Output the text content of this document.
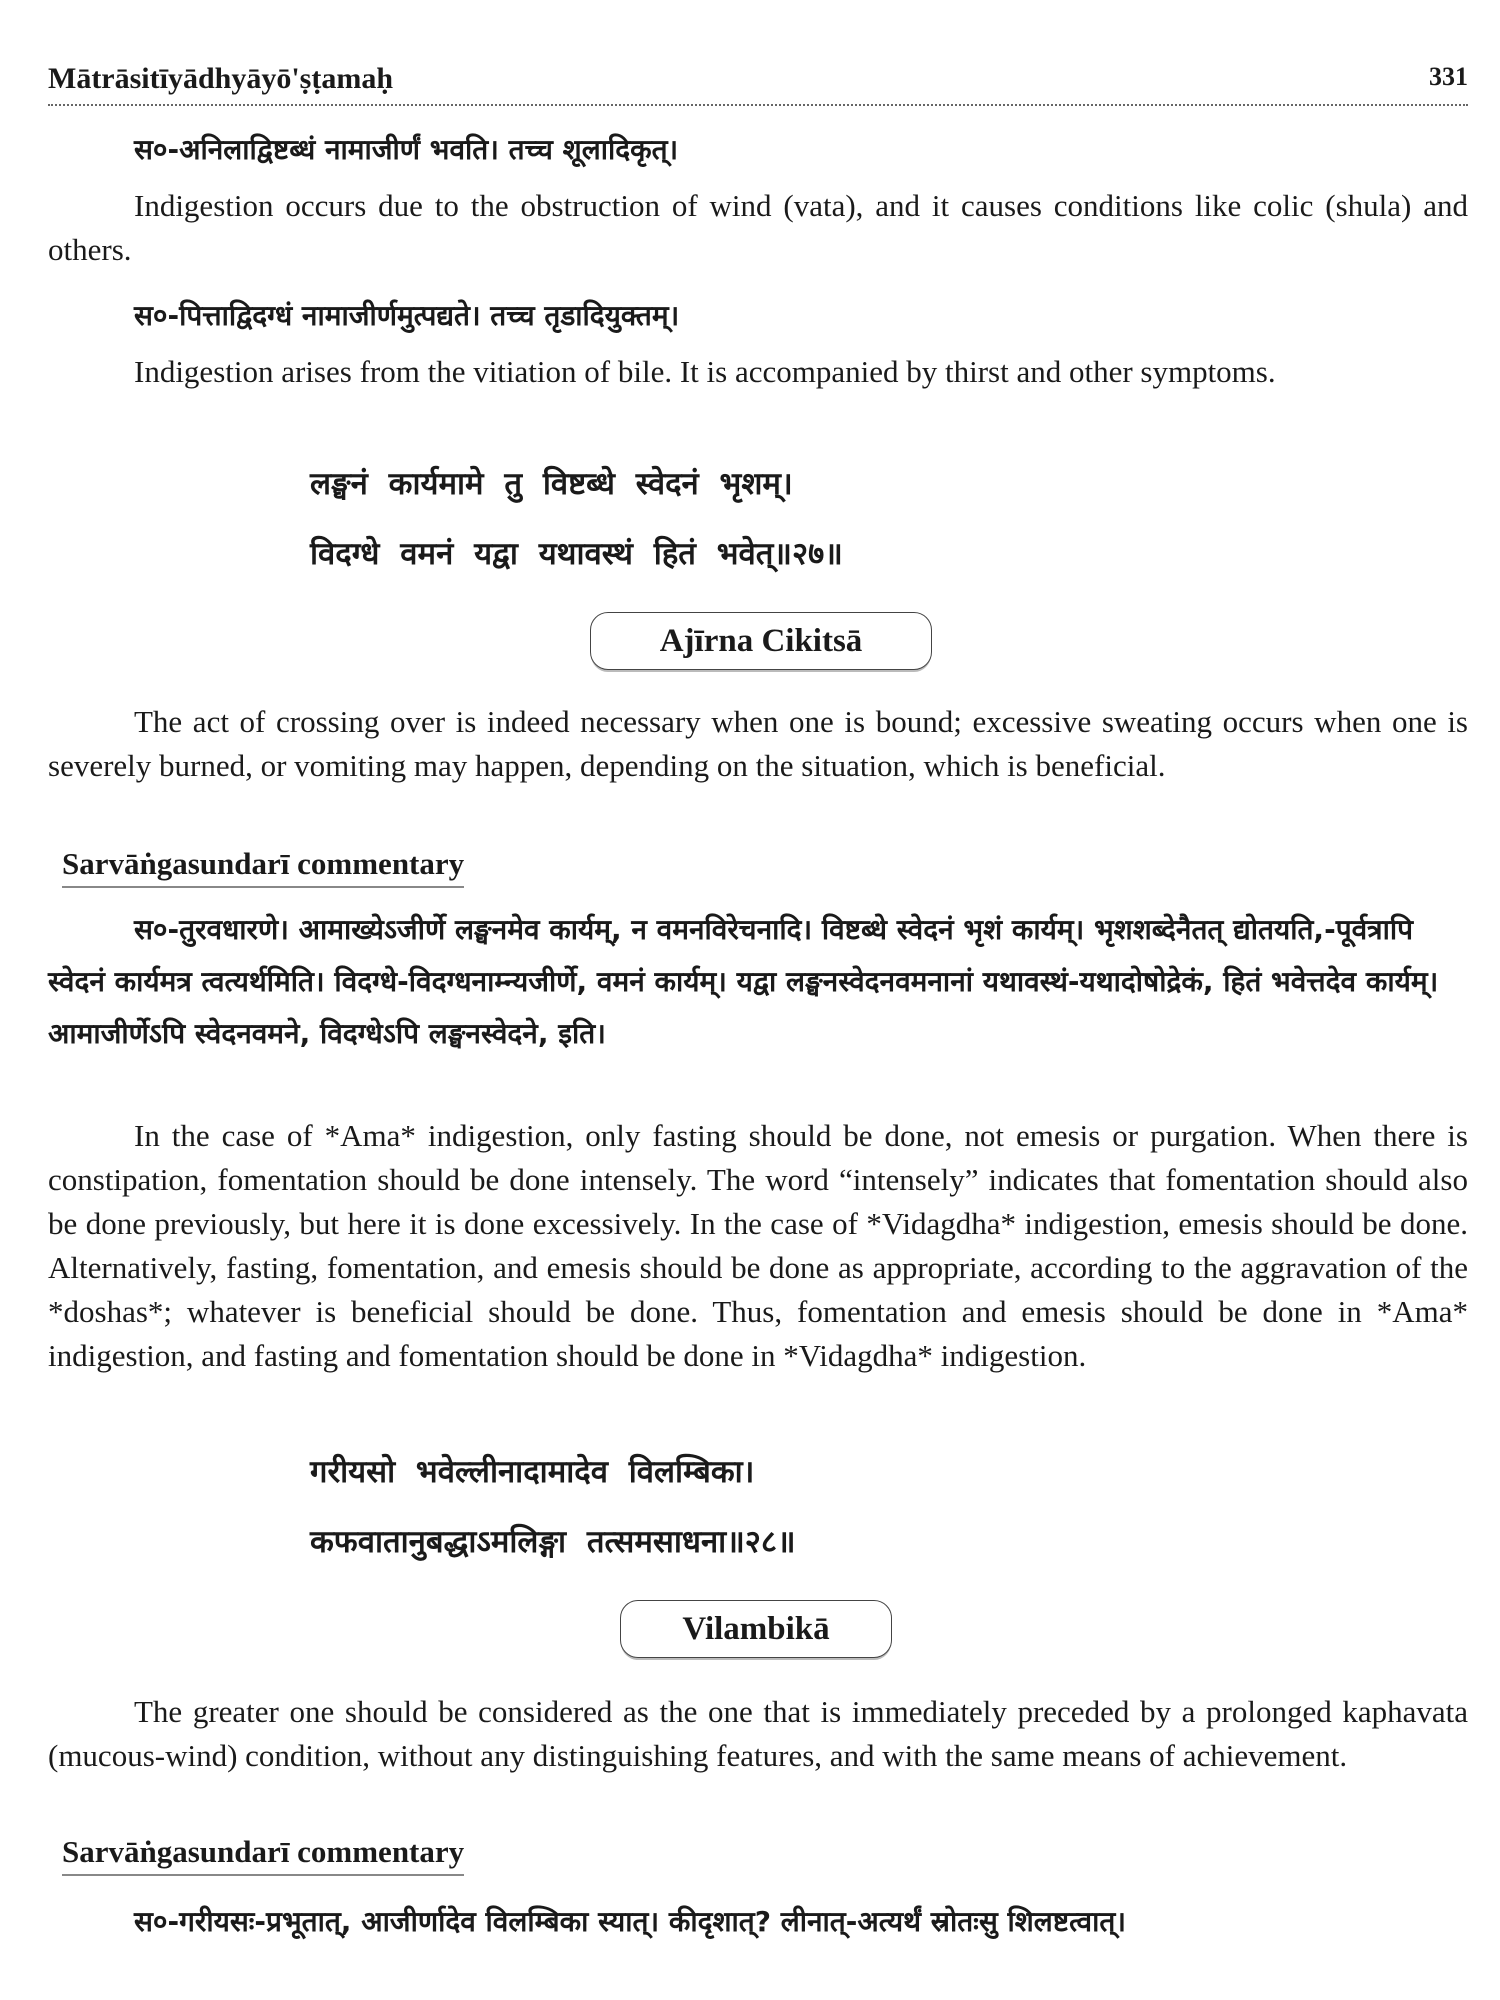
Mātrāsitīyādhyāyō'ṣṭamaḥ	331

स०-अनिलाद्विष्टब्धं नामाजीर्णं भवति। तच्च शूलादिकृत्।

Indigestion occurs due to the obstruction of wind (vata), and it causes conditions like colic (shula) and others.

स०-पित्ताद्विदग्धं नामाजीर्णमुत्पद्यते। तच्च तृडादियुक्तम्।

Indigestion arises from the vitiation of bile. It is accompanied by thirst and other symptoms.

लङ्घनं कार्यमामे तु विष्टब्धे स्वेदनं भृशम्।
विदग्धे वमनं यद्वा यथावस्थं हितं भवेत्॥२७॥
Ajīrna Cikitsā

The act of crossing over is indeed necessary when one is bound; excessive sweating occurs when one is severely burned, or vomiting may happen, depending on the situation, which is beneficial.

Sarvāṅgasundarī commentary

स०-तुरवधारणे। आमाख्येऽजीर्णे लङ्घनमेव कार्यम्, न वमनविरेचनादि। विष्टब्धे स्वेदनं भृशं कार्यम्। भृशशब्देनैतत् द्योतयति,-पूर्वत्रापि स्वेदनं कार्यमत्र त्वत्यर्थमिति। विदग्धे-विदग्धनाम्न्यजीर्णे, वमनं कार्यम्। यद्वा लङ्घनस्वेदनवमनानां यथावस्थं-यथादोषोद्रेकं, हितं भवेत्तदेव कार्यम्। आमाजीर्णेऽपि स्वेदनवमने, विदग्धेऽपि लङ्घनस्वेदने, इति।

In the case of *Ama* indigestion, only fasting should be done, not emesis or purgation. When there is constipation, fomentation should be done intensely. The word “intensely” indicates that fomentation should also be done previously, but here it is done excessively. In the case of *Vidagdha* indigestion, emesis should be done. Alternatively, fasting, fomentation, and emesis should be done as appropriate, according to the aggravation of the *doshas*; whatever is beneficial should be done. Thus, fomentation and emesis should be done in *Ama* indigestion, and fasting and fomentation should be done in *Vidagdha* indigestion.

गरीयसो भवेल्लीनादामादेव विलम्बिका।
कफवातानुबद्धाऽमलिङ्गा तत्समसाधना॥२८॥
Vilambikā

The greater one should be considered as the one that is immediately preceded by a prolonged kaphavata (mucous-wind) condition, without any distinguishing features, and with the same means of achievement.

Sarvāṅgasundarī commentary

स०-गरीयसः-प्रभूतात्, आजीर्णादेव विलम्बिका स्यात्। कीदृशात्? लीनात्-अत्यर्थं स्रोतःसु शिलष्टत्वात्।
